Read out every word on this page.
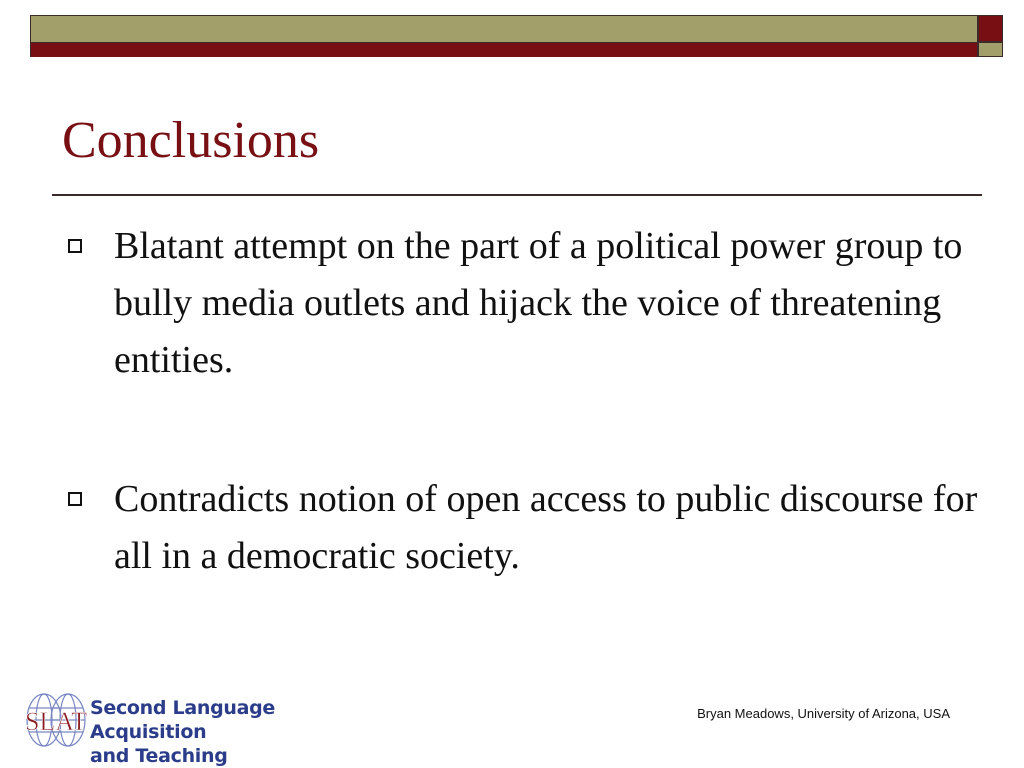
Conclusions
Blatant attempt on the part of a political power group to bully media outlets and hijack the voice of threatening entities.
Contradicts notion of open access to public discourse for all in a democratic society.
SLAT Second Language Acquisition
and Teaching
Bryan Meadows, University of Arizona, USA
